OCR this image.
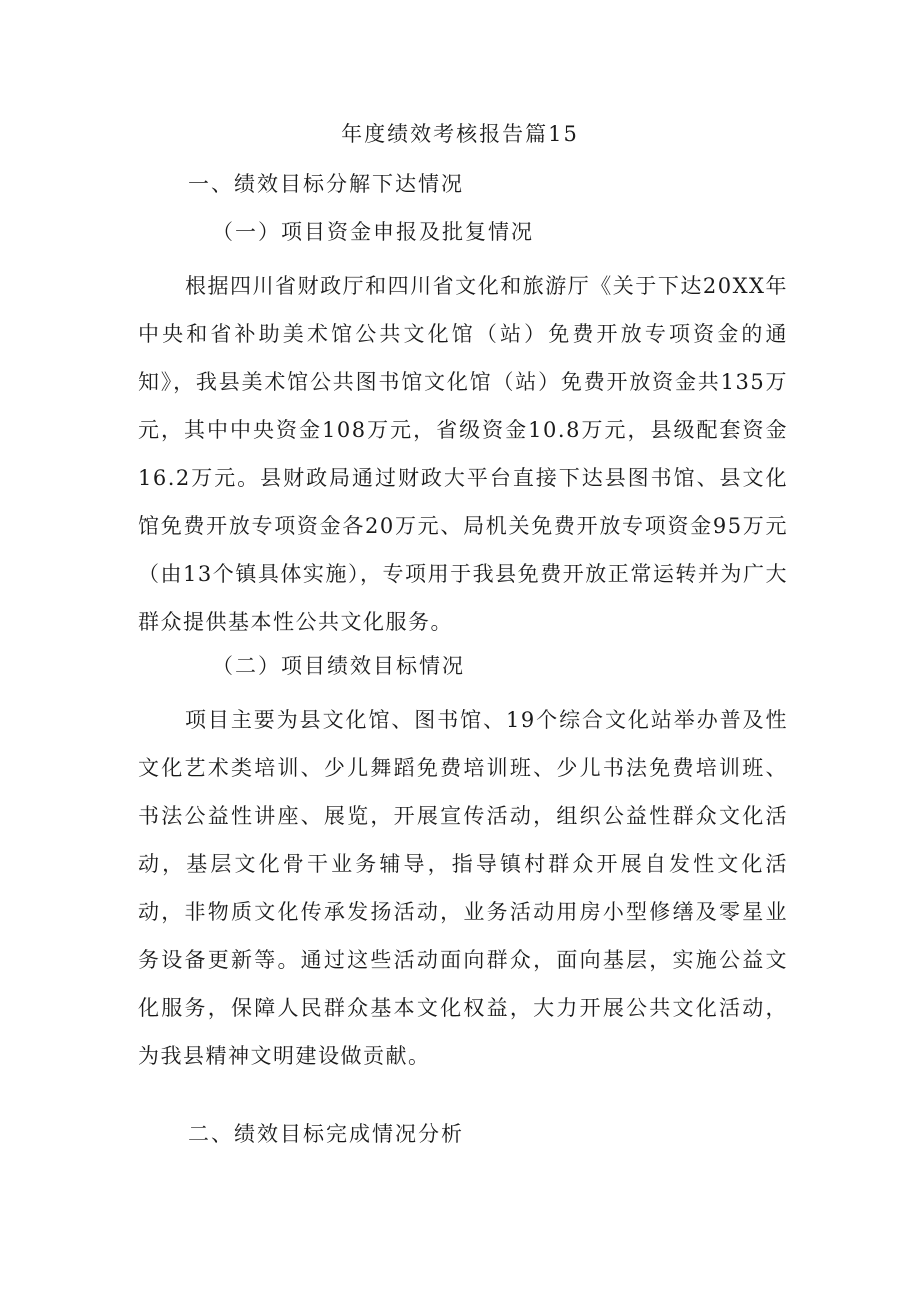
年度绩效考核报告篇15
一、绩效目标分解下达情况
（一）项目资金申报及批复情况
根据四川省财政厅和四川省文化和旅游厅《关于下达20XX年中央和省补助美术馆公共文化馆（站）免费开放专项资金的通知》，我县美术馆公共图书馆文化馆（站）免费开放资金共135万元，其中中央资金108万元，省级资金10.8万元，县级配套资金16.2万元。县财政局通过财政大平台直接下达县图书馆、县文化馆免费开放专项资金各20万元、局机关免费开放专项资金95万元（由13个镇具体实施），专项用于我县免费开放正常运转并为广大群众提供基本性公共文化服务。
（二）项目绩效目标情况
项目主要为县文化馆、图书馆、19个综合文化站举办普及性文化艺术类培训、少儿舞蹈免费培训班、少儿书法免费培训班、书法公益性讲座、展览，开展宣传活动，组织公益性群众文化活动，基层文化骨干业务辅导，指导镇村群众开展自发性文化活动，非物质文化传承发扬活动，业务活动用房小型修缮及零星业务设备更新等。通过这些活动面向群众，面向基层，实施公益文化服务，保障人民群众基本文化权益，大力开展公共文化活动，为我县精神文明建设做贡献。
二、绩效目标完成情况分析
